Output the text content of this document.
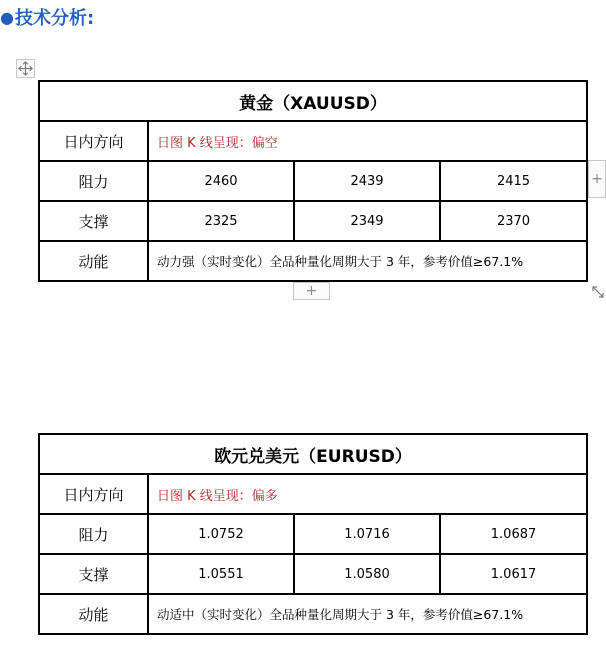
● 技术分析:
黄金（XAUUSD）			
日内方向	日图 K 线呈现：偏空		
阻力	2460	2439	2415
支撑	2325	2349	2370
动能	动力强（实时变化）全品种量化周期大于 3 年，参考价值≥67.1%		
+
+
欧元兑美元（EURUSD）			
日内方向	日图 K 线呈现：偏多		
阻力	1.0752	1.0716	1.0687
支撑	1.0551	1.0580	1.0617
动能	动适中（实时变化）全品种量化周期大于 3 年，参考价值≥67.1%		
